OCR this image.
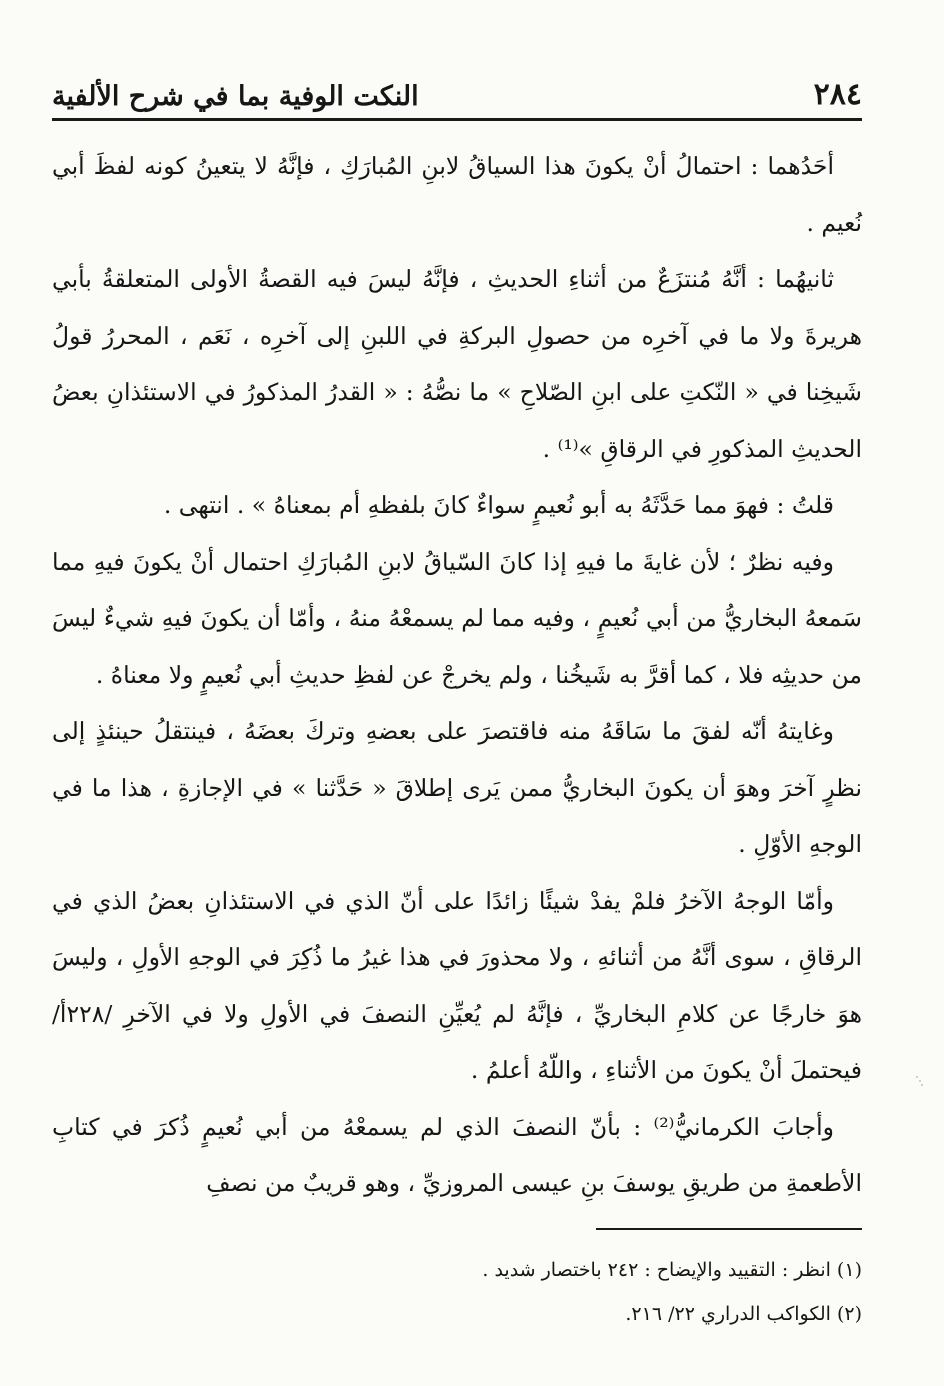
٢٨٤
النكت الوفية بما في شرح الألفية

أحَدُهما : احتمالُ أنْ يكونَ هذا السياقُ لابنِ المُبارَكِ ، فإنَّهُ لا يتعينُ كونه لفظَ أبي نُعيم .

ثانيهُما : أنَّهُ مُنتزَعٌ من أثناءِ الحديثِ ، فإنَّهُ ليسَ فيه القصةُ الأولى المتعلقةُ بأبي هريرةَ ولا ما في آخرِه من حصولِ البركةِ في اللبنِ إلى آخرِه ، نَعَم ، المحررُ قولُ شَيخِنا في « النّكتِ على ابنِ الصّلاحِ » ما نصُّهُ : « القدرُ المذكورُ في الاستئذانِ بعضُ الحديثِ المذكورِ في الرقاقِ »⁽¹⁾ .

قلتُ : فهوَ مما حَدَّثَهُ به أبو نُعيمٍ سواءٌ كانَ بلفظهِ أم بمعناهُ » . انتهى .

وفيه نظرٌ ؛ لأن غايةَ ما فيهِ إذا كانَ السّياقُ لابنِ المُبارَكِ احتمال أنْ يكونَ فيهِ مما سَمعهُ البخاريُّ من أبي نُعيمٍ ، وفيه مما لم يسمعْهُ منهُ ، وأمّا أن يكونَ فيهِ شيءٌ ليسَ من حديثِه فلا ، كما أقرَّ به شَيخُنا ، ولم يخرجْ عن لفظِ حديثِ أبي نُعيمٍ ولا معناهُ .

وغايتهُ أنّه لفقَ ما سَاقَهُ منه فاقتصرَ على بعضهِ وتركَ بعضَهُ ، فينتقلُ حينئذٍ إلى نظرٍ آخرَ وهوَ أن يكونَ البخاريُّ ممن يَرى إطلاقَ « حَدَّثنا » في الإجازةِ ، هذا ما في الوجهِ الأوّلِ .

وأمّا الوجهُ الآخرُ فلمْ يفدْ شيئًا زائدًا على أنّ الذي في الاستئذانِ بعضُ الذي في الرقاقِ ، سوى أنَّهُ من أثنائهِ ، ولا محذورَ في هذا غيرُ ما ذُكِرَ في الوجهِ الأولِ ، وليسَ هوَ خارجًا عن كلامِ البخاريِّ ، فإنَّهُ لم يُعيِّنِ النصفَ في الأولِ ولا في الآخرِ /٢٢٨أ/ فيحتملَ أنْ يكونَ من الأثناءِ ، واللّهُ أعلمُ .

وأجابَ الكرمانيُّ⁽²⁾ : بأنّ النصفَ الذي لم يسمعْهُ من أبي نُعيمٍ ذُكرَ في كتابِ الأطعمةِ من طريقِ يوسفَ بنِ عيسى المروزيِّ ، وهو قريبٌ من نصفِ

(١) انظر : التقييد والإيضاح : ٢٤٢ باختصار شديد .

(٢) الكواكب الدراري ٢٢/ ٢١٦.
